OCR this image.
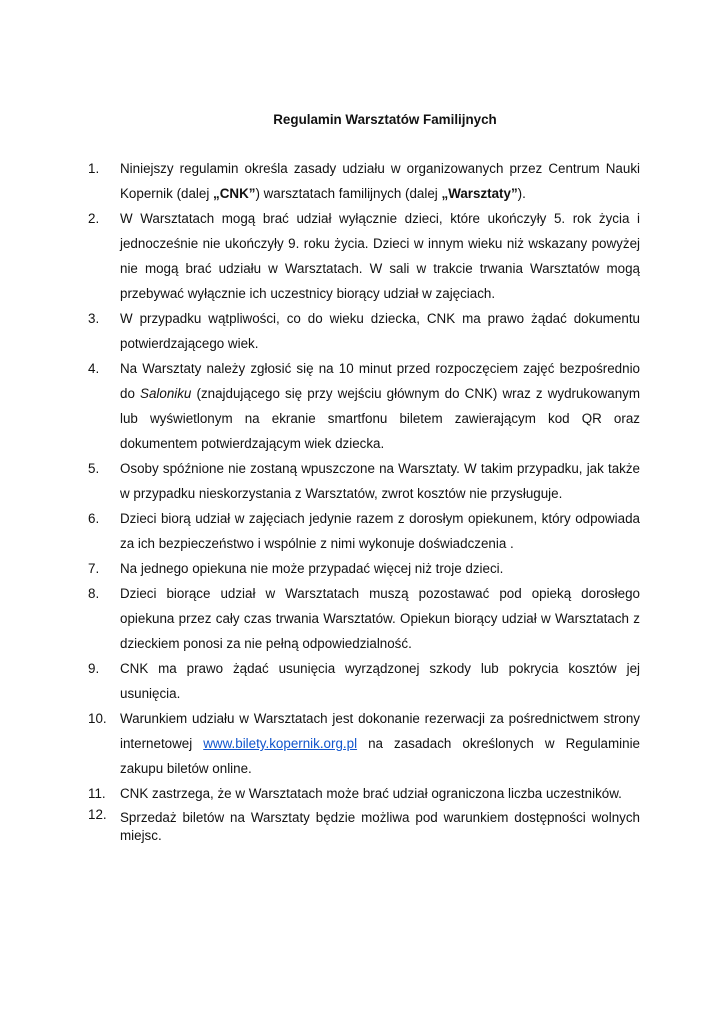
Regulamin Warsztatów Familijnych
1. Niniejszy regulamin określa zasady udziału w organizowanych przez Centrum Nauki Kopernik (dalej „CNK”) warsztatach familijnych (dalej „Warsztaty”).
2. W Warsztatach mogą brać udział wyłącznie dzieci, które ukończyły 5. rok życia i jednocześnie nie ukończyły 9. roku życia. Dzieci w innym wieku niż wskazany powyżej nie mogą brać udziału w Warsztatach. W sali w trakcie trwania Warsztatów mogą przebywać wyłącznie ich uczestnicy biorący udział w zajęciach.
3. W przypadku wątpliwości, co do wieku dziecka, CNK ma prawo żądać dokumentu potwierdzającego wiek.
4. Na Warsztaty należy zgłosić się na 10 minut przed rozpoczęciem zajęć bezpośrednio do Saloniku (znajdującego się przy wejściu głównym do CNK) wraz z wydrukowanym lub wyświetlonym na ekranie smartfonu biletem zawierającym kod QR oraz dokumentem potwierdzającym wiek dziecka.
5. Osoby spóźnione nie zostaną wpuszczone na Warsztaty. W takim przypadku, jak także w przypadku nieskorzystania z Warsztatów, zwrot kosztów nie przysługuje.
6. Dzieci biorą udział w zajęciach jedynie razem z dorosłym opiekunem, który odpowiada za ich bezpieczeństwo i wspólnie z nimi wykonuje doświadczenia .
7. Na jednego opiekuna nie może przypadać więcej niż troje dzieci.
8. Dzieci biorące udział w Warsztatach muszą pozostawać pod opieką dorosłego opiekuna przez cały czas trwania Warsztatów. Opiekun biorący udział w Warsztatach z dzieckiem ponosi za nie pełną odpowiedzialność.
9. CNK ma prawo żądać usunięcia wyrządzonej szkody lub pokrycia kosztów jej usunięcia.
10. Warunkiem udziału w Warsztatach jest dokonanie rezerwacji za pośrednictwem strony internetowej www.bilety.kopernik.org.pl na zasadach określonych w Regulaminie zakupu biletów online.
11. CNK zastrzega, że w Warsztatach może brać udział ograniczona liczba uczestników.
12. Sprzedaż biletów na Warsztaty będzie możliwa pod warunkiem dostępności wolnych miejsc.
